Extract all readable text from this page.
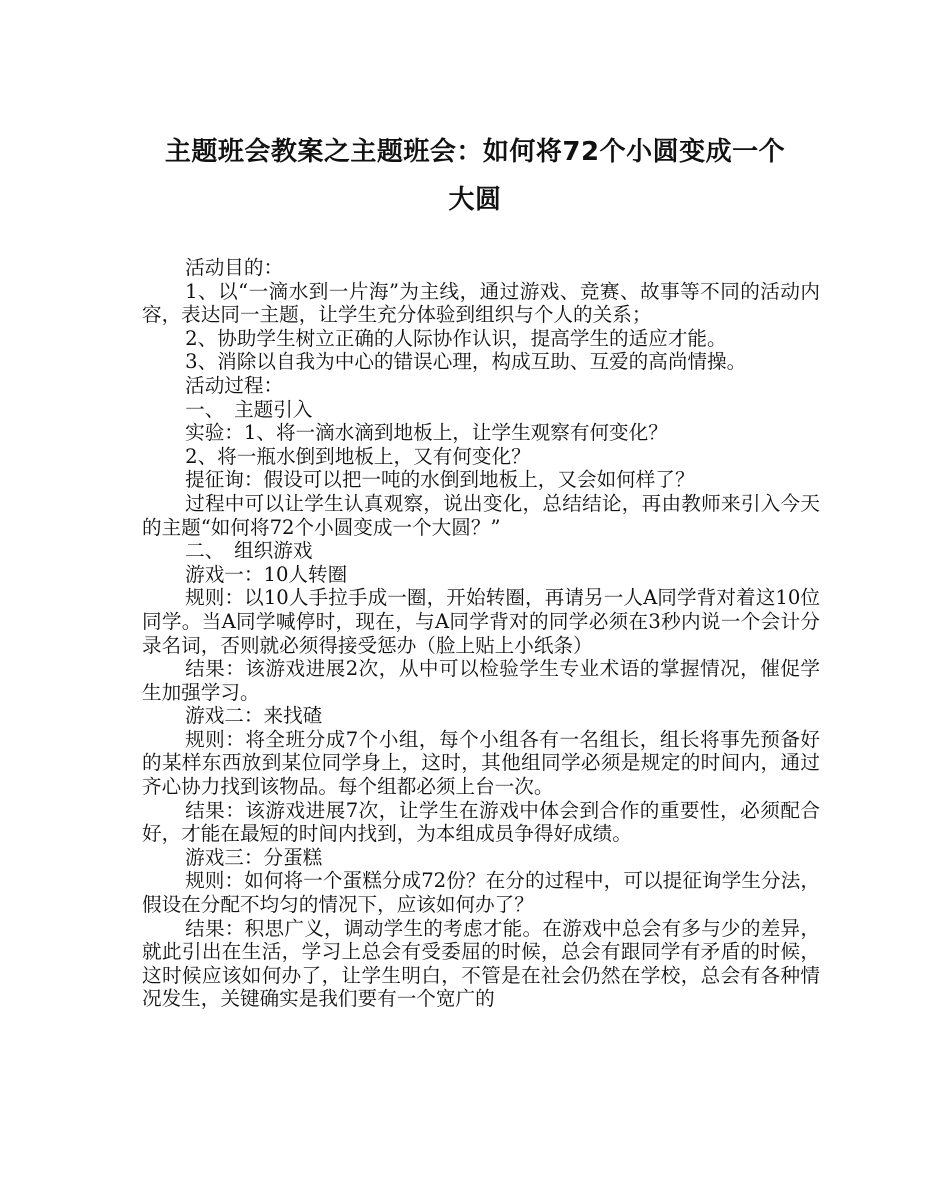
主题班会教案之主题班会：如何将72个小圆变成一个
大圆

活动目的：

1、以“一滴水到一片海”为主线，通过游戏、竞赛、故事等不同的活动内容，表达同一主题，让学生充分体验到组织与个人的关系；

2、协助学生树立正确的人际协作认识，提高学生的适应才能。

3、消除以自我为中心的错误心理，构成互助、互爱的高尚情操。

活动过程：

一、　主题引入

实验：1、将一滴水滴到地板上，让学生观察有何变化？

2、将一瓶水倒到地板上，又有何变化？

提征询：假设可以把一吨的水倒到地板上，又会如何样了？

过程中可以让学生认真观察，说出变化，总结结论，再由教师来引入今天的主题“如何将72个小圆变成一个大圆？”

二、　组织游戏

游戏一：10人转圈

规则：以10人手拉手成一圈，开始转圈，再请另一人A同学背对着这10位同学。当A同学喊停时，现在，与A同学背对的同学必须在3秒内说一个会计分录名词，否则就必须得接受惩办（脸上贴上小纸条）

结果：该游戏进展2次，从中可以检验学生专业术语的掌握情况，催促学生加强学习。

游戏二：来找碴

规则：将全班分成7个小组，每个小组各有一名组长，组长将事先预备好的某样东西放到某位同学身上，这时，其他组同学必须是规定的时间内，通过齐心协力找到该物品。每个组都必须上台一次。

结果：该游戏进展7次，让学生在游戏中体会到合作的重要性，必须配合好，才能在最短的时间内找到，为本组成员争得好成绩。

游戏三：分蛋糕

规则：如何将一个蛋糕分成72份？在分的过程中，可以提征询学生分法，假设在分配不均匀的情况下，应该如何办了？

结果：积思广义，调动学生的考虑才能。在游戏中总会有多与少的差异，就此引出在生活，学习上总会有受委屈的时候，总会有跟同学有矛盾的时候，这时候应该如何办了，让学生明白，不管是在社会仍然在学校，总会有各种情况发生，关键确实是我们要有一个宽广的
